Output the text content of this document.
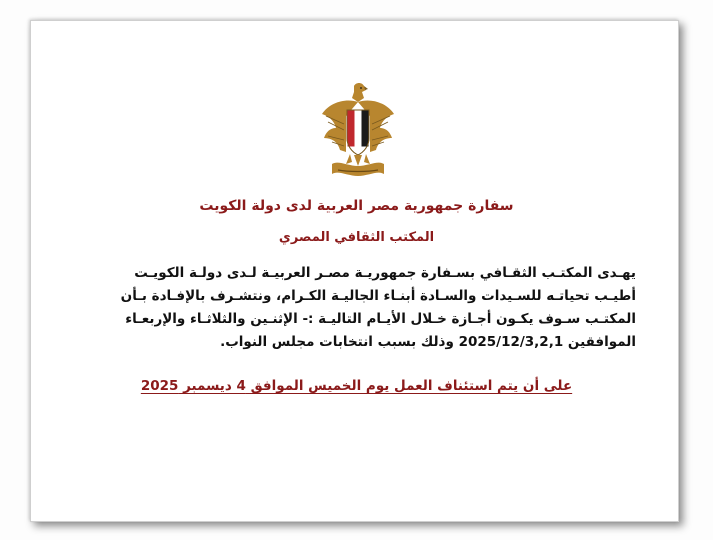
سفارة جمهورية مصر العربية لدى دولة الكويت
المكتب الثقافي المصري

يهـدى المكتـب الثقـافي بسـفارة جمهوريـة مصـر العربيـة لـدى دولـة الكويـت

أطيـب تحياتـه للسـيدات والسـادة أبنـاء الجاليـة الكـرام، ونتشـرف بالإفـادة بـأن

المكتـب سـوف يكـون أجـازة خـلال الأيـام التاليـة :- الإثنـين والثلاثـاء والإربعـاء

الموافقين 2025/12/3,2,1 وذلك بسبب انتخابات مجلس النواب.

على أن يتم استئناف العمل يوم الخميس الموافق 4 ديسمبر 2025
